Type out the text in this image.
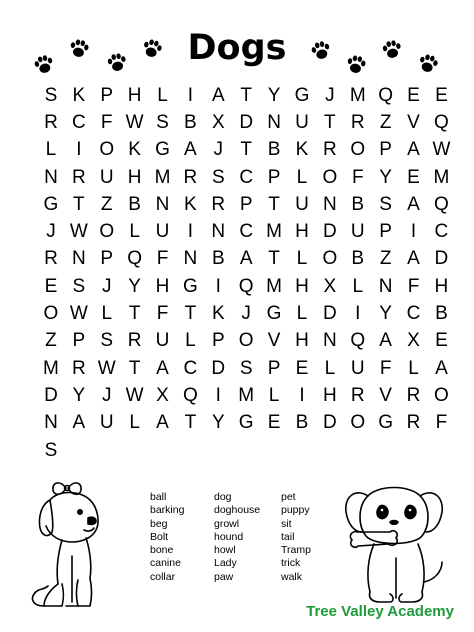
Dogs
S K P H L	I A T Y G J M Q E E
R C F W S B X D N U T R Z V Q
L	I O K G A J T B K R O P A W
N R U H M R S C P L O F Y E M
G T Z B N K R P T U N B S A Q
J W O L U I N C M H D U P I C
R N P Q F N B A T L O B Z A D
E S J Y H G I Q M H X L N F H
O W L T F T K J G L D I Y C B
Z P S R U L P O V H N Q A X E
M R W T A C D S P E L U F L A
D Y J W X Q I M L	I H R V R O
N A U L A T Y G E B D O G R F
S
ball
barking
beg
Bolt
bone
canine
collar
dog
doghouse
growl
hound
howl
Lady
paw
pet
puppy
sit
tail
Tramp
trick
walk
Tree Valley Academy
